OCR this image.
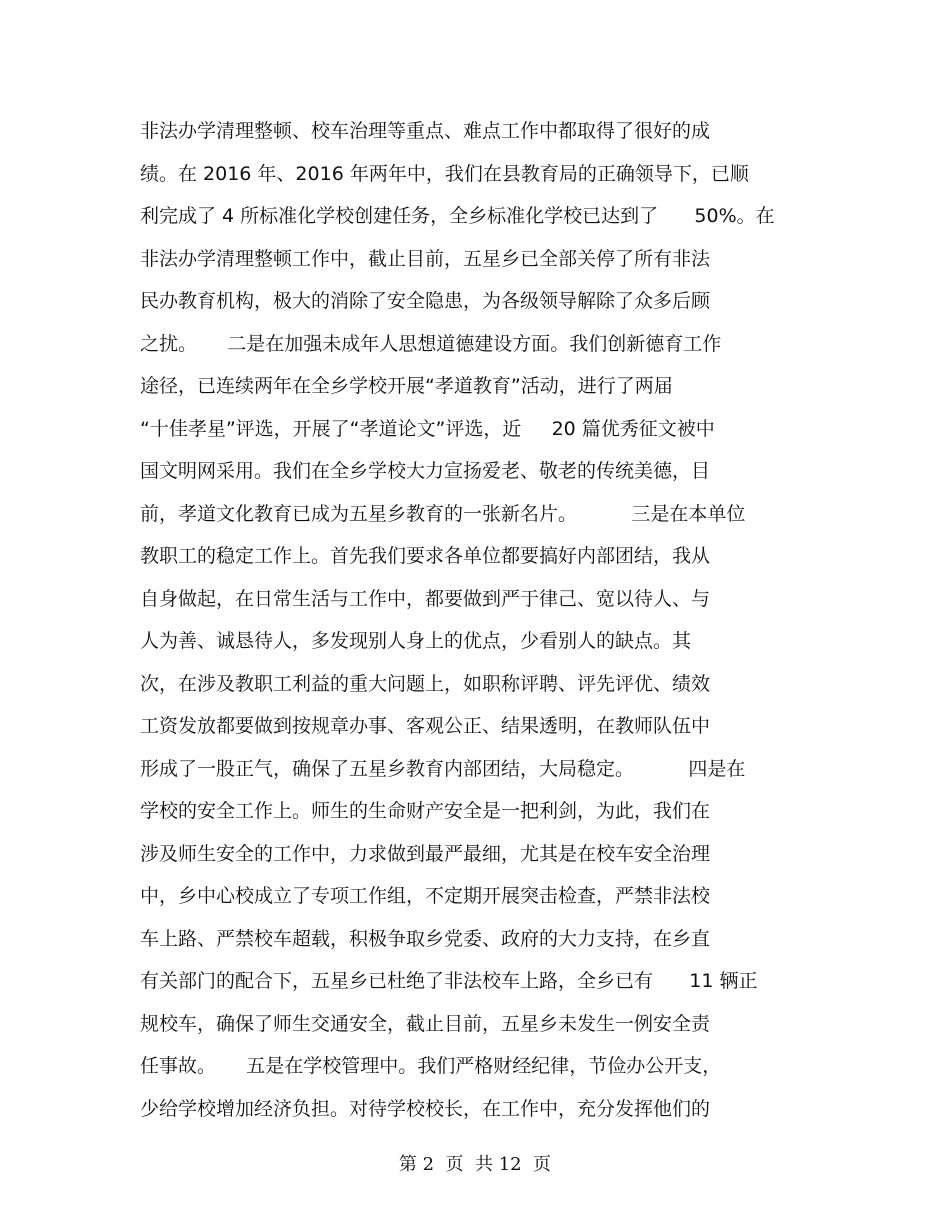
非法办学清理整顿、校车治理等重点、难点工作中都取得了很好的成
绩。在 2016 年、2016 年两年中，我们在县教育局的正确领导下，已顺
利完成了 4 所标准化学校创建任务，全乡标准化学校已达到了      50%。在
非法办学清理整顿工作中，截止目前，五星乡已全部关停了所有非法
民办教育机构，极大的消除了安全隐患，为各级领导解除了众多后顾
之扰。     二是在加强未成年人思想道德建设方面。我们创新德育工作
途径，已连续两年在全乡学校开展“孝道教育”活动，进行了两届
“十佳孝星”评选，开展了“孝道论文”评选，近     20 篇优秀征文被中
国文明网采用。我们在全乡学校大力宣扬爱老、敬老的传统美德，目
前，孝道文化教育已成为五星乡教育的一张新名片。         三是在本单位
教职工的稳定工作上。首先我们要求各单位都要搞好内部团结，我从
自身做起，在日常生活与工作中，都要做到严于律己、宽以待人、与
人为善、诚恳待人，多发现别人身上的优点，少看别人的缺点。其
次，在涉及教职工利益的重大问题上，如职称评聘、评先评优、绩效
工资发放都要做到按规章办事、客观公正、结果透明，在教师队伍中
形成了一股正气，确保了五星乡教育内部团结，大局稳定。         四是在
学校的安全工作上。师生的生命财产安全是一把利剑，为此，我们在
涉及师生安全的工作中，力求做到最严最细，尤其是在校车安全治理
中，乡中心校成立了专项工作组，不定期开展突击检查，严禁非法校
车上路、严禁校车超载，积极争取乡党委、政府的大力支持，在乡直
有关部门的配合下，五星乡已杜绝了非法校车上路，全乡已有      11 辆正
规校车，确保了师生交通安全，截止目前，五星乡未发生一例安全责
任事故。     五是在学校管理中。我们严格财经纪律，节俭办公开支，
少给学校增加经济负担。对待学校校长，在工作中，充分发挥他们的
第 2  页  共 12  页
